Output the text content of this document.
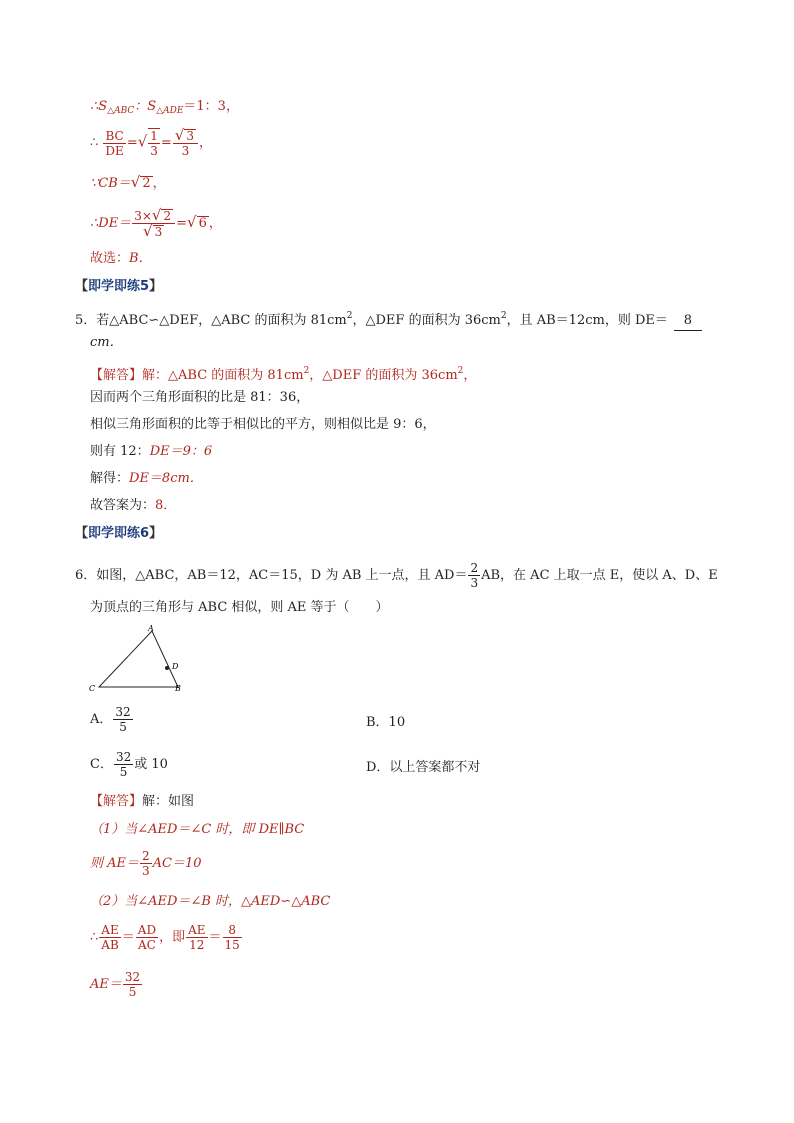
$\therefore S_{\triangle ABC}$：$S_{\triangle ADE}=1$：3，
∴ $\frac{BC}{DE}$ =√ $\frac{1}{3} = \frac{√ 3}{3}$ ，
∵CB＝√ 2 ，
∴DE＝ $\frac{3\times√ 2}{√ 3}$ =√ 6 ，
故选：B．
【即学即练5】
5．若△ABC∽△DEF，△ABC 的面积为 $81cm^2$，△DEF 的面积为 $36cm^2$，且 AB＝12cm，则 DE＝ 8
cm．
【解答】解：△ABC 的面积为 $81cm^2$，△DEF 的面积为 $36cm^2$，
因而两个三角形面积的比是 81：36，
相似三角形面积的比等于相似比的平方，则相似比是 9：6，
则有 12：DE＝9：6
解得：DE＝8cm．
故答案为：8．
【即学即练6】
6．如图，△ABC，AB＝12，AC＝15，D 为 AB 上一点，且 $AD= \frac{2}{3}$ AB，在 AC 上取一点 E，使以 A、D、E
为顶点的三角形与 ABC 相似，则 AE 等于（　　）
A
D
C	B
A． $\frac{32}{5}$	B．10
C． $\frac{32}{5}$ 或 10	D．以上答案都不对
【解答】解：如图
（1）当∠AED＝∠C 时，即 DE∥BC
则 $AE= \frac{2}{3} AC=10$
（2）当∠AED＝∠B 时，△AED∽△ABC
∴ $\frac{AE}{AB} = \frac{AD}{AC}$ ，即 $\frac{AE}{12} = \frac{8}{15}$
$AE= \frac{32}{5}$
